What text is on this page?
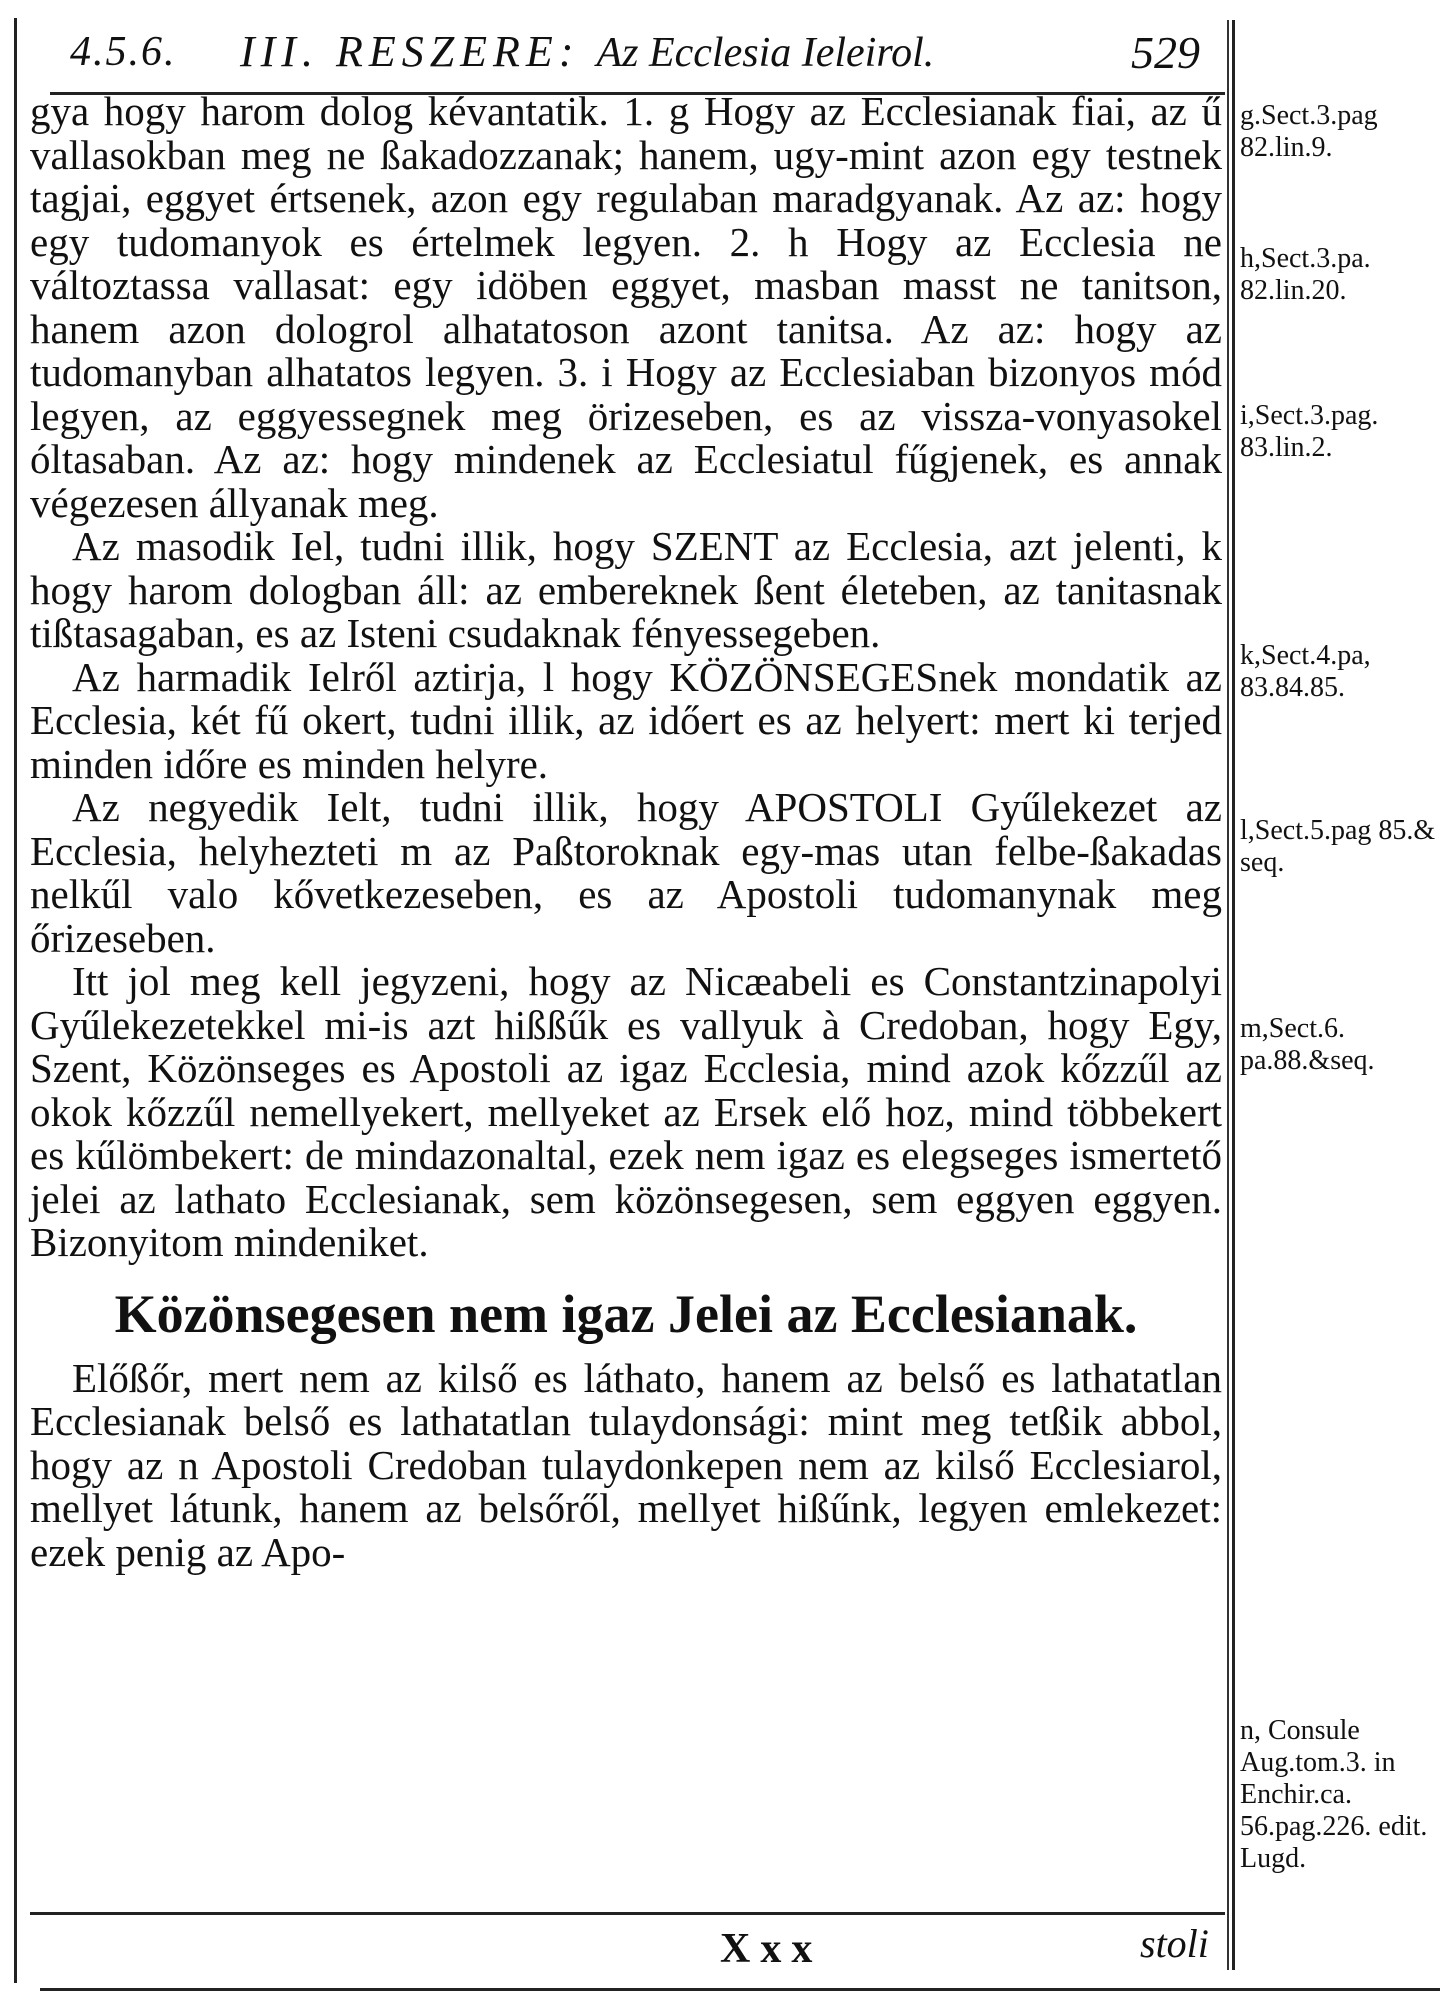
4.5.6. III. RESZERE: Az Ecclesia Ieleirol.	529

gya hogy harom dolog kévantatik. 1. g Hogy az Ecclesianak fiai, az ű vallasokban meg ne ßakadozzanak; hanem, ugy-mint azon egy testnek tagjai, eggyet értsenek, azon egy regulaban maradgyanak. Az az: hogy egy tudomanyok es értelmek legyen. 2. h Hogy az Ecclesia ne változtassa vallasat: egy idöben eggyet, masban masst ne tanitson, hanem azon dologrol alhatatoson azont tanitsa. Az az: hogy az tudomanyban alhatatos legyen. 3. i Hogy az Ecclesiaban bizonyos mód legyen, az eggyessegnek meg örizeseben, es az vissza-vonyasokel óltasaban. Az az: hogy mindenek az Ecclesiatul fűgjenek, es annak végezesen állyanak meg.

Az masodik Iel, tudni illik, hogy SZENT az Ecclesia, azt jelenti, k hogy harom dologban áll: az embereknek ßent életeben, az tanitasnak tißtasagaban, es az Isteni csudaknak fényessegeben.

Az harmadik Ielről aztirja, l hogy KÖZÖNSEGESnek mondatik az Ecclesia, két fű okert, tudni illik, az időert es az helyert: mert ki terjed minden időre es minden helyre.

Az negyedik Ielt, tudni illik, hogy APOSTOLI Gyűlekezet az Ecclesia, helyhezteti m az Paßtoroknak egy-mas utan felbe-ßakadas nelkűl valo kővetkezeseben, es az Apostoli tudomanynak meg őrizeseben.

Itt jol meg kell jegyzeni, hogy az Nicæabeli es Constantzinapolyi Gyűlekezetekkel mi-is azt hißßűk es vallyuk à Credoban, hogy Egy, Szent, Közönseges es Apostoli az igaz Ecclesia, mind azok kőzzűl az okok kőzzűl nemellyekert, mellyeket az Ersek elő hoz, mind többekert es kűlömbekert: de mindazonaltal, ezek nem igaz es elegseges ismertető jelei az lathato Ecclesianak, sem közönsegesen, sem eggyen eggyen. Bizonyitom mindeniket.

Közönsegesen nem igaz Jelei az Ecclesianak.

Előßőr, mert nem az kilső es láthato, hanem az belső es lathatatlan Ecclesianak belső es lathatatlan tulaydonsági: mint meg tetßik abbol, hogy az n Apostoli Credoban tulaydonkepen nem az kilső Ecclesiarol, mellyet látunk, hanem az belsőről, mellyet hißűnk, legyen emlekezet: ezek penig az Apo-

g.Sect.3.pag 82.lin.9.
h,Sect.3.pa. 82.lin.20.
i,Sect.3.pag. 83.lin.2.
k,Sect.4.pa, 83.84.85.
l,Sect.5.pag 85.& seq.
m,Sect.6. pa.88.&seq.
n, Consule Aug.tom.3. in Enchir.ca. 56.pag.226. edit. Lugd.
Xxx	stoli
